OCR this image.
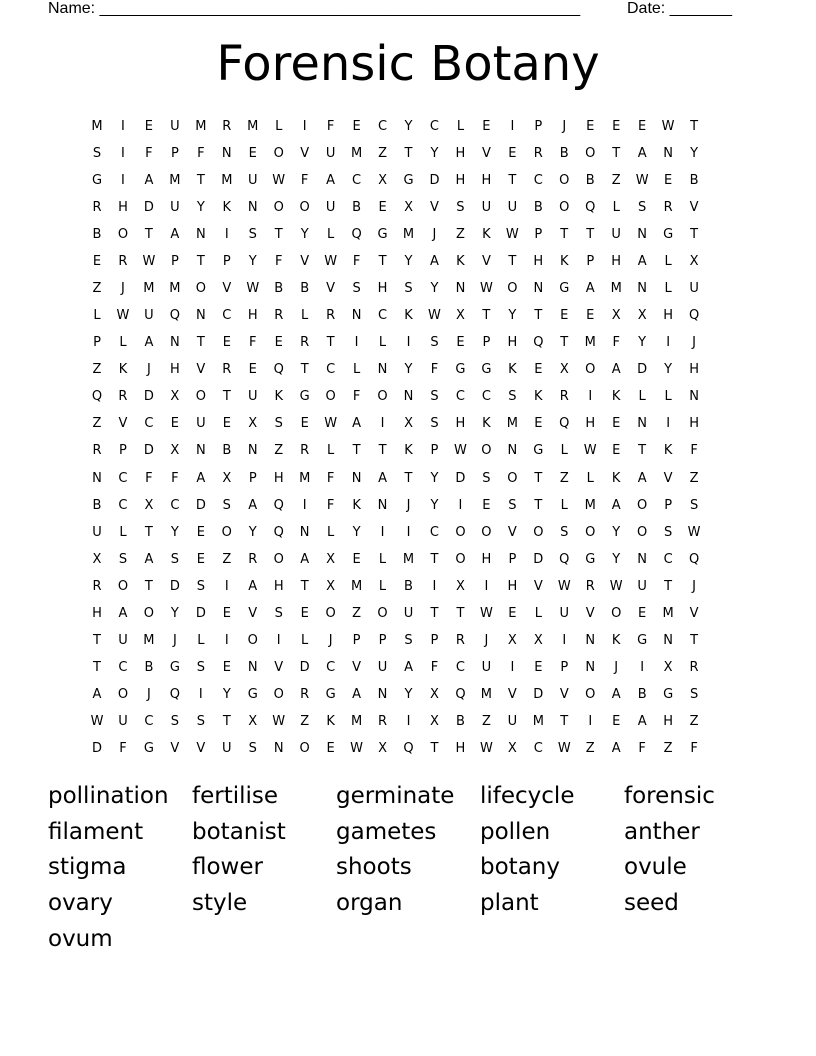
Name: ______________________________________________________	Date: _______
Forensic Botany
M	I	E	U	M	R	M	L	I	F	E	C	Y	C	L	E	I	P	J	E	E	E	W	T
S	I	F	P	F	N	E	O	V	U	M	Z	T	Y	H	V	E	R	B	O	T	A	N	Y
G	I	A	M	T	M	U	W	F	A	C	X	G	D	H	H	T	C	O	B	Z	W	E	B
R	H	D	U	Y	K	N	O	O	U	B	E	X	V	S	U	U	B	O	Q	L	S	R	V
B	O	T	A	N	I	S	T	Y	L	Q	G	M	J	Z	K	W	P	T	T	U	N	G	T
E	R	W	P	T	P	Y	F	V	W	F	T	Y	A	K	V	T	H	K	P	H	A	L	X
Z	J	M	M	O	V	W	B	B	V	S	H	S	Y	N	W	O	N	G	A	M	N	L	U
L	W	U	Q	N	C	H	R	L	R	N	C	K	W	X	T	Y	T	E	E	X	X	H	Q
P	L	A	N	T	E	F	E	R	T	I	L	I	S	E	P	H	Q	T	M	F	Y	I	J
Z	K	J	H	V	R	E	Q	T	C	L	N	Y	F	G	G	K	E	X	O	A	D	Y	H
Q	R	D	X	O	T	U	K	G	O	F	O	N	S	C	C	S	K	R	I	K	L	L	N
Z	V	C	E	U	E	X	S	E	W	A	I	X	S	H	K	M	E	Q	H	E	N	I	H
R	P	D	X	N	B	N	Z	R	L	T	T	K	P	W	O	N	G	L	W	E	T	K	F
N	C	F	F	A	X	P	H	M	F	N	A	T	Y	D	S	O	T	Z	L	K	A	V	Z
B	C	X	C	D	S	A	Q	I	F	K	N	J	Y	I	E	S	T	L	M	A	O	P	S
U	L	T	Y	E	O	Y	Q	N	L	Y	I	I	C	O	O	V	O	S	O	Y	O	S	W
X	S	A	S	E	Z	R	O	A	X	E	L	M	T	O	H	P	D	Q	G	Y	N	C	Q
R	O	T	D	S	I	A	H	T	X	M	L	B	I	X	I	H	V	W	R	W	U	T	J
H	A	O	Y	D	E	V	S	E	O	Z	O	U	T	T	W	E	L	U	V	O	E	M	V
T	U	M	J	L	I	O	I	L	J	P	P	S	P	R	J	X	X	I	N	K	G	N	T
T	C	B	G	S	E	N	V	D	C	V	U	A	F	C	U	I	E	P	N	J	I	X	R
A	O	J	Q	I	Y	G	O	R	G	A	N	Y	X	Q	M	V	D	V	O	A	B	G	S
W	U	C	S	S	T	X	W	Z	K	M	R	I	X	B	Z	U	M	T	I	E	A	H	Z
D	F	G	V	V	U	S	N	O	E	W	X	Q	T	H	W	X	C	W	Z	A	F	Z	F
pollination fertilise	germinate lifecycle forensic
filament botanist gametes pollen	anther
stigma	flower	shoots	botany	ovule
ovary	style	organ	plant	seed
ovum
